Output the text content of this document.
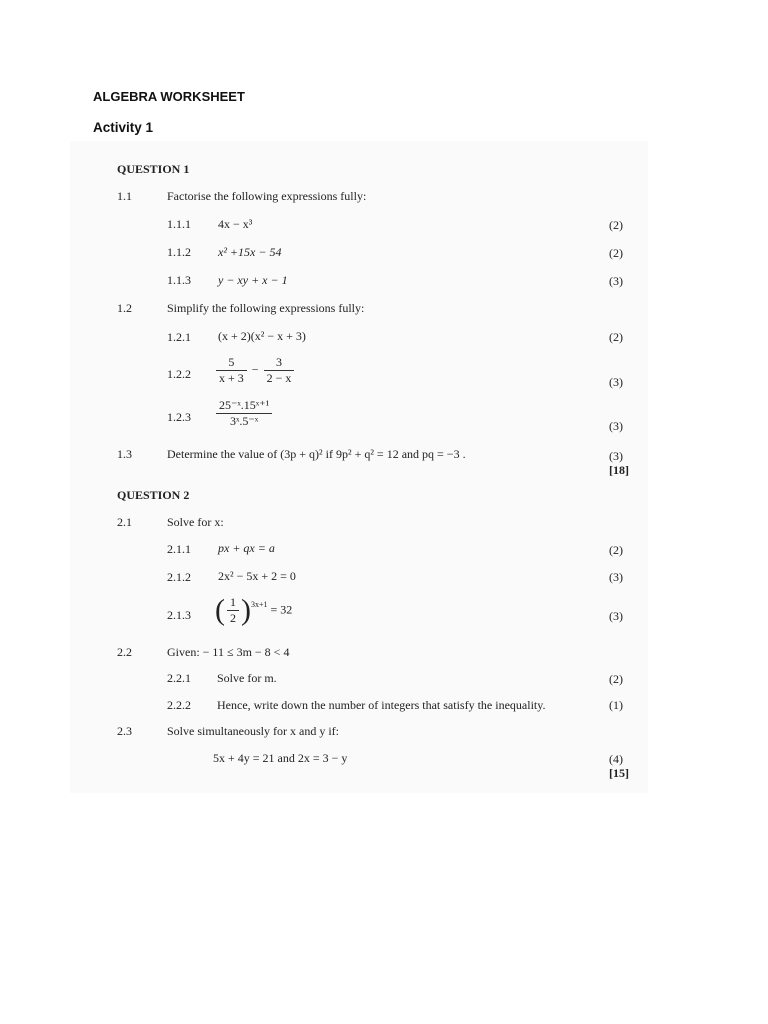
ALGEBRA WORKSHEET
Activity 1
QUESTION 1
1.1	Factorise the following expressions fully:
1.1.1 4x − x³	(2)
1.1.2 x² +15x − 54	(2)
1.1.3 y − xy + x − 1	(3)
1.2	Simplify the following expressions fully:
1.2.1 (x + 2)(x² − x + 3)	(2)
$1.2.2 \frac{5}{x + 3} - \frac{3}{2 - x}$	(3)
$1.2.3 \frac{\text{25⁻ˣ.15ˣ⁺¹}}{\text{3ˣ.5⁻ˣ}}$	(3)
1.3	Determine the value of (3p + q)² if 9p² + q² = 12 and pq = −3 .	(3)
[18]
QUESTION 2
2.1	Solve for x:
2.1.1 px + qx = a	(2)
2.1.2 2x² − 5x + 2 = 0	(3)
2.1.3 ( $\frac{1}{2} )^{3x+1} = 32$	(3)
2.2	Given: − 11 ≤ 3m − 8 < 4
2.2.1 Solve for m.	(2)
2.2.2 Hence, write down the number of integers that satisfy the inequality.	(1)
2.3	Solve simultaneously for x and y if:
5x + 4y = 21 and 2x = 3 − y	(4)
[15]
